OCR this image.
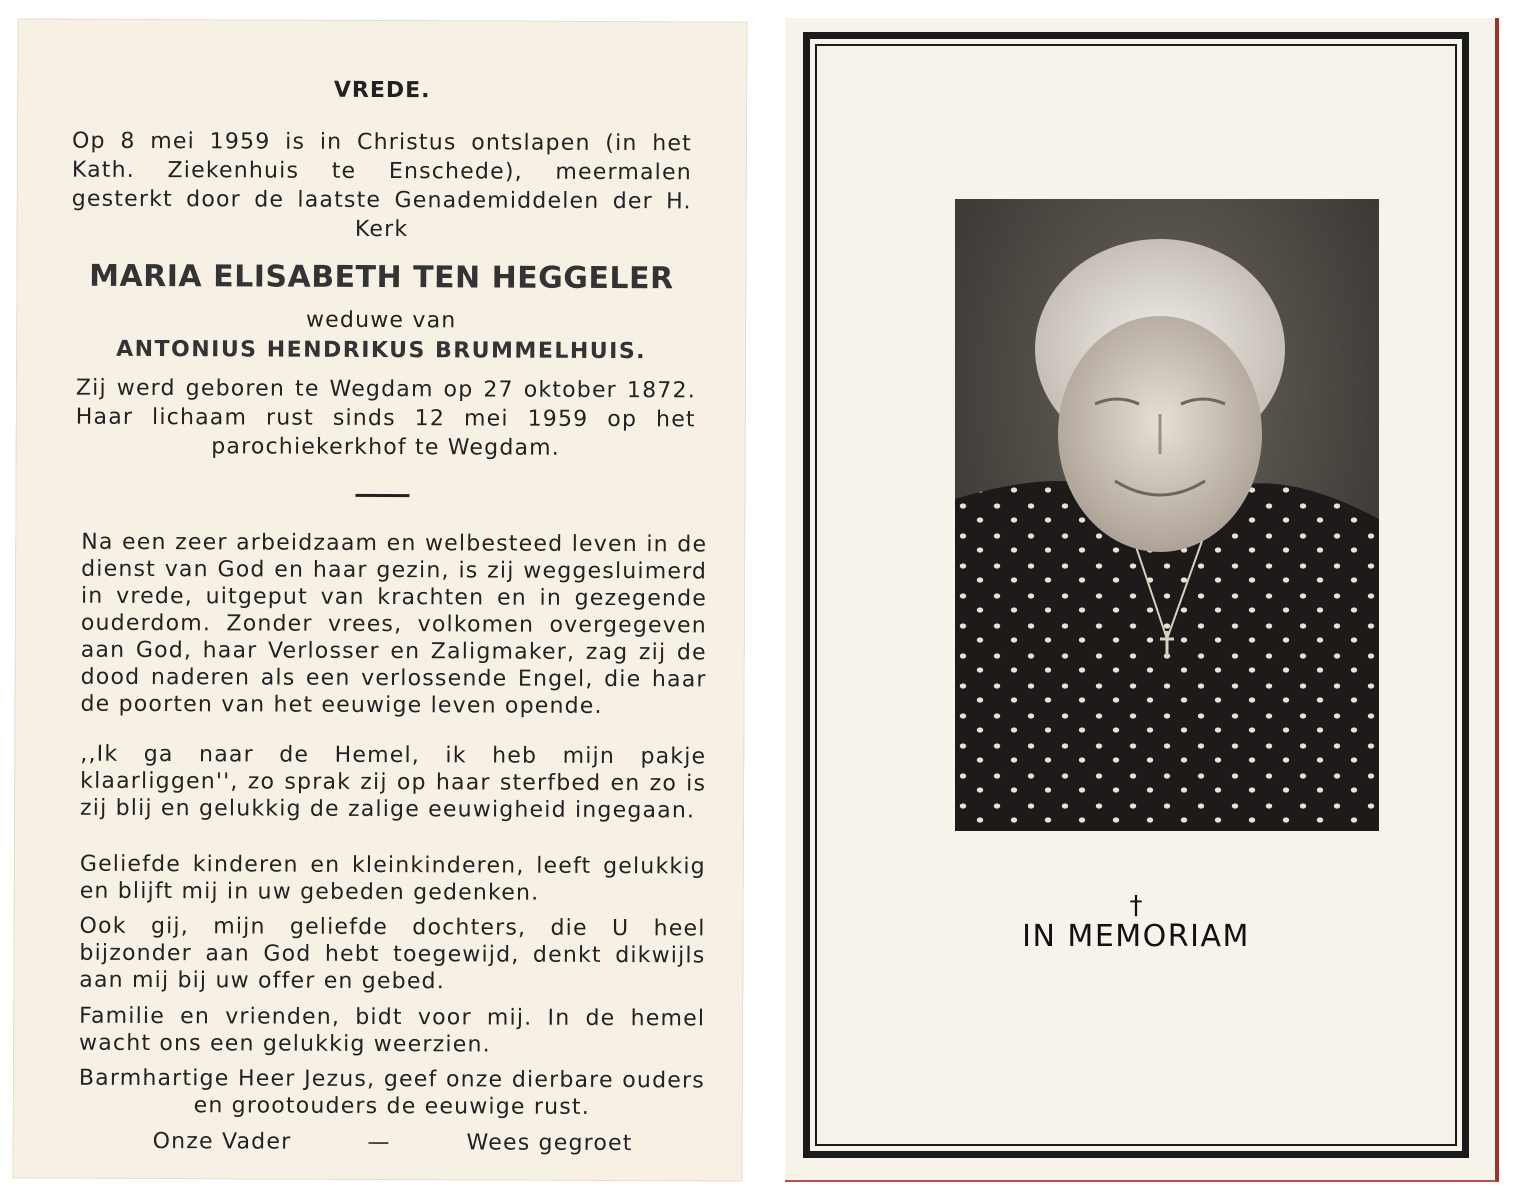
VREDE.
Op 8 mei 1959 is in Christus ontslapen (in het Kath. Ziekenhuis te Enschede), meermalen gesterkt door de laatste Genademiddelen der H. Kerk
MARIA ELISABETH TEN HEGGELER
weduwe van
ANTONIUS HENDRIKUS BRUMMELHUIS.
Zij werd geboren te Wegdam op 27 oktober 1872. Haar lichaam rust sinds 12 mei 1959 op het parochiekerkhof te Wegdam.
Na een zeer arbeidzaam en welbesteed leven in de dienst van God en haar gezin, is zij weggesluimerd in vrede, uitgeput van krachten en in gezegende ouderdom. Zonder vrees, volkomen overgegeven aan God, haar Verlosser en Zaligmaker, zag zij de dood naderen als een verlossende Engel, die haar de poorten van het eeuwige leven opende.
,,Ik ga naar de Hemel, ik heb mijn pakje klaarliggen'', zo sprak zij op haar sterfbed en zo is zij blij en gelukkig de zalige eeuwigheid ingegaan.
Geliefde kinderen en kleinkinderen, leeft gelukkig en blijft mij in uw gebeden gedenken.
Ook gij, mijn geliefde dochters, die U heel bijzonder aan God hebt toegewijd, denkt dikwijls aan mij bij uw offer en gebed.
Familie en vrienden, bidt voor mij. In de hemel wacht ons een gelukkig weerzien.
Barmhartige Heer Jezus, geef onze dierbare ouders en grootouders de eeuwige rust.
Onze Vader	—	Wees gegroet
†
IN MEMORIAM
